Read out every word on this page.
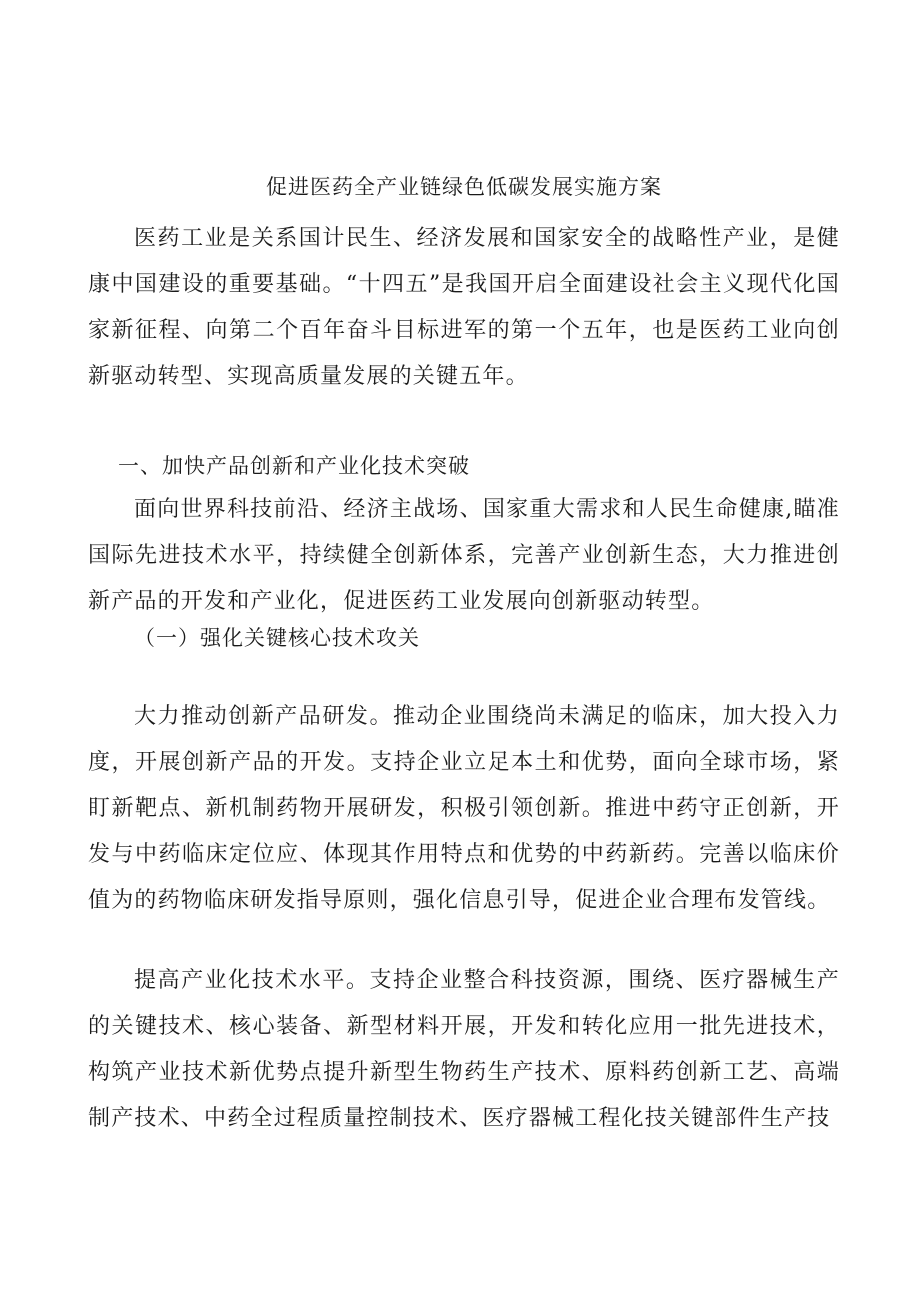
促进医药全产业链绿色低碳发展实施方案

医药工业是关系国计民生、经济发展和国家安全的战略性产业，是健康中国建设的重要基础。“十四五”是我国开启全面建设社会主义现代化国家新征程、向第二个百年奋斗目标进军的第一个五年，也是医药工业向创新驱动转型、实现高质量发展的关键五年。

一、加快产品创新和产业化技术突破

面向世界科技前沿、经济主战场、国家重大需求和人民生命健康,瞄准国际先进技术水平，持续健全创新体系，完善产业创新生态，大力推进创新产品的开发和产业化，促进医药工业发展向创新驱动转型。

（一）强化关键核心技术攻关

大力推动创新产品研发。推动企业围绕尚未满足的临床，加大投入力度，开展创新产品的开发。支持企业立足本土和优势，面向全球市场，紧盯新靶点、新机制药物开展研发，积极引领创新。推进中药守正创新，开发与中药临床定位应、体现其作用特点和优势的中药新药。完善以临床价值为的药物临床研发指导原则，强化信息引导，促进企业合理布发管线。

提高产业化技术水平。支持企业整合科技资源，围绕、医疗器械生产的关键技术、核心装备、新型材料开展，开发和转化应用一批先进技术，构筑产业技术新优势点提升新型生物药生产技术、原料药创新工艺、高端制产技术、中药全过程质量控制技术、医疗器械工程化技关键部件生产技
